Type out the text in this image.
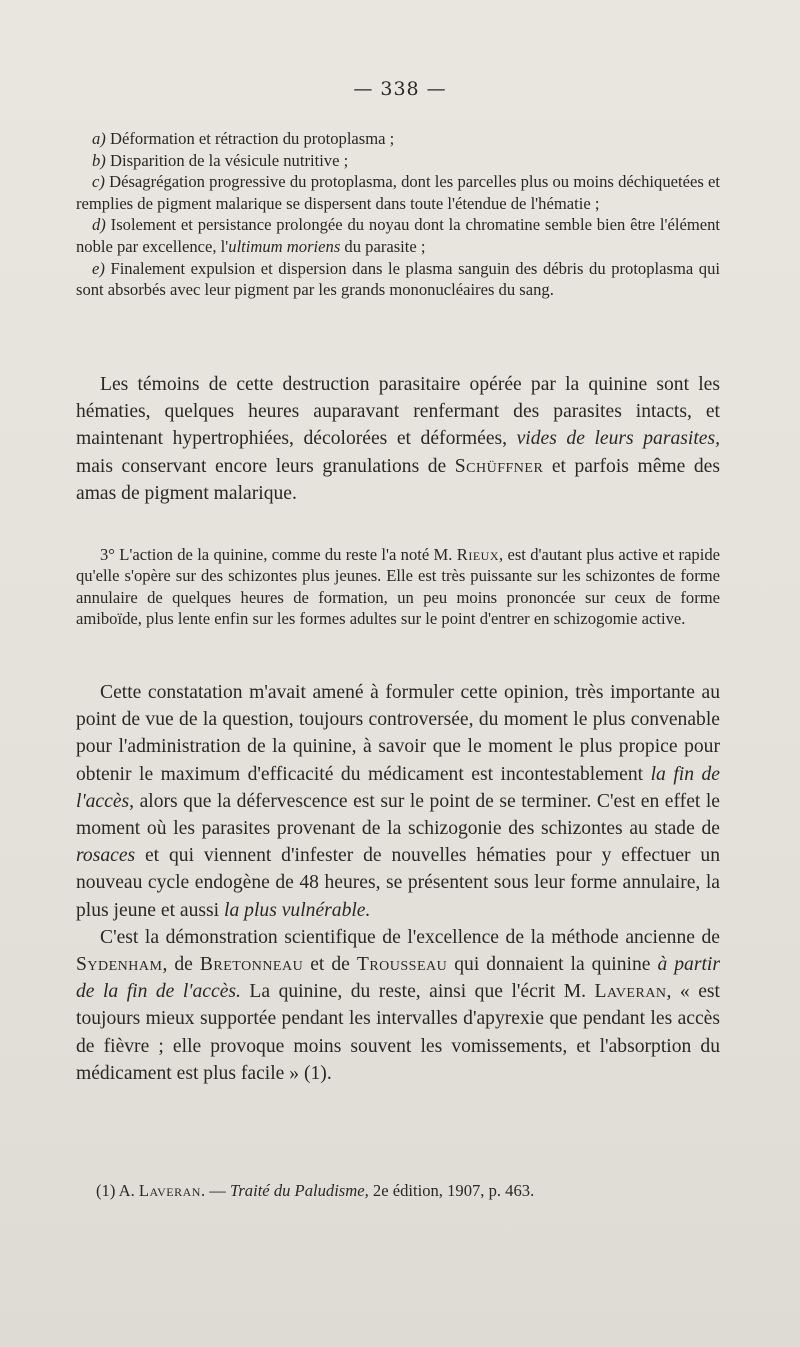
— 338 —

a) Déformation et rétraction du protoplasma ;

b) Disparition de la vésicule nutritive ;

c) Désagrégation progressive du protoplasma, dont les parcelles plus ou moins déchiquetées et remplies de pigment malarique se dispersent dans toute l'étendue de l'hématie ;

d) Isolement et persistance prolongée du noyau dont la chromatine semble bien être l'élément noble par excellence, l'ultimum moriens du parasite ;

e) Finalement expulsion et dispersion dans le plasma sanguin des débris du protoplasma qui sont absorbés avec leur pigment par les grands mononucléaires du sang.

Les témoins de cette destruction parasitaire opérée par la quinine sont les hématies, quelques heures auparavant renfermant des parasites intacts, et maintenant hypertrophiées, décolorées et déformées, vides de leurs parasites, mais conservant encore leurs granulations de Schüffner et parfois même des amas de pigment malarique.

3° L'action de la quinine, comme du reste l'a noté M. Rieux, est d'autant plus active et rapide qu'elle s'opère sur des schizontes plus jeunes. Elle est très puissante sur les schizontes de forme annulaire de quelques heures de formation, un peu moins prononcée sur ceux de forme amiboïde, plus lente enfin sur les formes adultes sur le point d'entrer en schizogomie active.

Cette constatation m'avait amené à formuler cette opinion, très importante au point de vue de la question, toujours controversée, du moment le plus convenable pour l'administration de la quinine, à savoir que le moment le plus propice pour obtenir le maximum d'efficacité du médicament est incontestablement la fin de l'accès, alors que la défervescence est sur le point de se terminer. C'est en effet le moment où les parasites provenant de la schizogonie des schizontes au stade de rosaces et qui viennent d'infester de nouvelles hématies pour y effectuer un nouveau cycle endogène de 48 heures, se présentent sous leur forme annulaire, la plus jeune et aussi la plus vulnérable.

C'est la démonstration scientifique de l'excellence de la méthode ancienne de Sydenham, de Bretonneau et de Trousseau qui donnaient la quinine à partir de la fin de l'accès. La quinine, du reste, ainsi que l'écrit M. Laveran, « est toujours mieux supportée pendant les intervalles d'apyrexie que pendant les accès de fièvre ; elle provoque moins souvent les vomissements, et l'absorption du médicament est plus facile » (1).

(1) A. Laveran. — Traité du Paludisme, 2e édition, 1907, p. 463.
